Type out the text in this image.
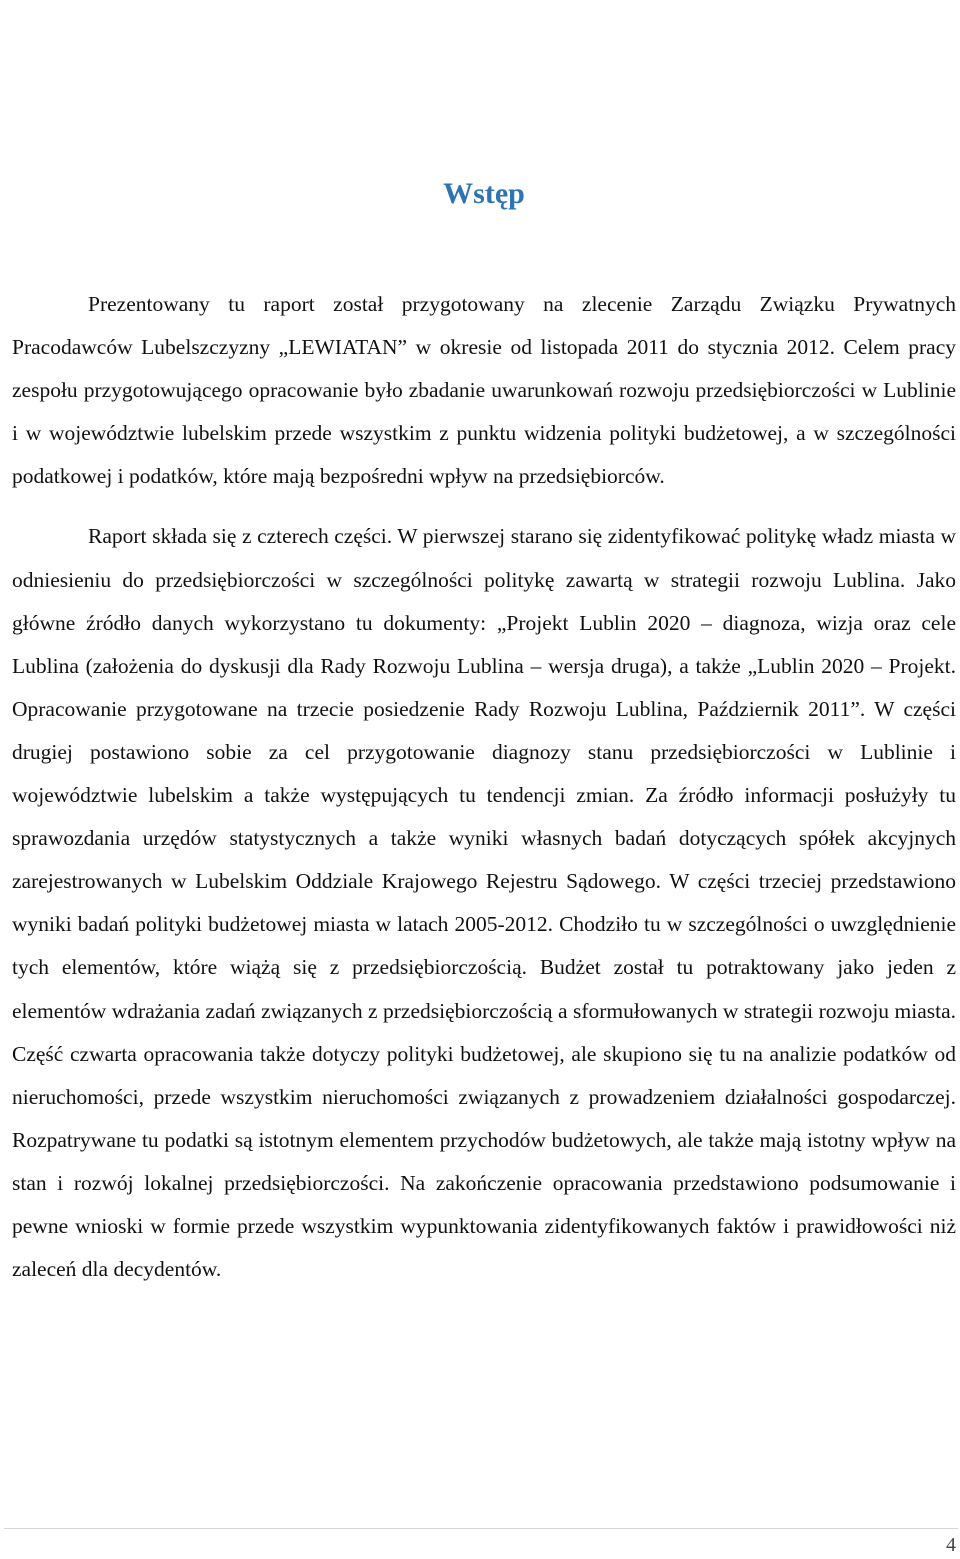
Wstęp

Prezentowany tu raport został przygotowany na zlecenie Zarządu Związku Prywatnych Pracodawców Lubelszczyzny „LEWIATAN” w okresie od listopada 2011 do stycznia 2012. Celem pracy zespołu przygotowującego opracowanie było zbadanie uwarunkowań rozwoju przedsiębiorczości w Lublinie i w województwie lubelskim przede wszystkim z punktu widzenia polityki budżetowej, a w szczególności podatkowej i podatków, które mają bezpośredni wpływ na przedsiębiorców.

Raport składa się z czterech części. W pierwszej starano się zidentyfikować politykę władz miasta w odniesieniu do przedsiębiorczości w szczególności politykę zawartą w strategii rozwoju Lublina. Jako główne źródło danych wykorzystano tu dokumenty: „Projekt Lublin 2020 – diagnoza, wizja oraz cele Lublina (założenia do dyskusji dla Rady Rozwoju Lublina – wersja druga), a także „Lublin 2020 – Projekt. Opracowanie przygotowane na trzecie posiedzenie Rady Rozwoju Lublina, Październik 2011”. W części drugiej postawiono sobie za cel przygotowanie diagnozy stanu przedsiębiorczości w Lublinie i województwie lubelskim a także występujących tu tendencji zmian. Za źródło informacji posłużyły tu sprawozdania urzędów statystycznych a także wyniki własnych badań dotyczących spółek akcyjnych zarejestrowanych w Lubelskim Oddziale Krajowego Rejestru Sądowego. W części trzeciej przedstawiono wyniki badań polityki budżetowej miasta w latach 2005-2012. Chodziło tu w szczególności o uwzględnienie tych elementów, które wiążą się z przedsiębiorczością. Budżet został tu potraktowany jako jeden z elementów wdrażania zadań związanych z przedsiębiorczością a sformułowanych w strategii rozwoju miasta. Część czwarta opracowania także dotyczy polityki budżetowej, ale skupiono się tu na analizie podatków od nieruchomości, przede wszystkim nieruchomości związanych z prowadzeniem działalności gospodarczej. Rozpatrywane tu podatki są istotnym elementem przychodów budżetowych, ale także mają istotny wpływ na stan i rozwój lokalnej przedsiębiorczości. Na zakończenie opracowania przedstawiono podsumowanie i pewne wnioski w formie przede wszystkim wypunktowania zidentyfikowanych faktów i prawidłowości niż zaleceń dla decydentów.

4
